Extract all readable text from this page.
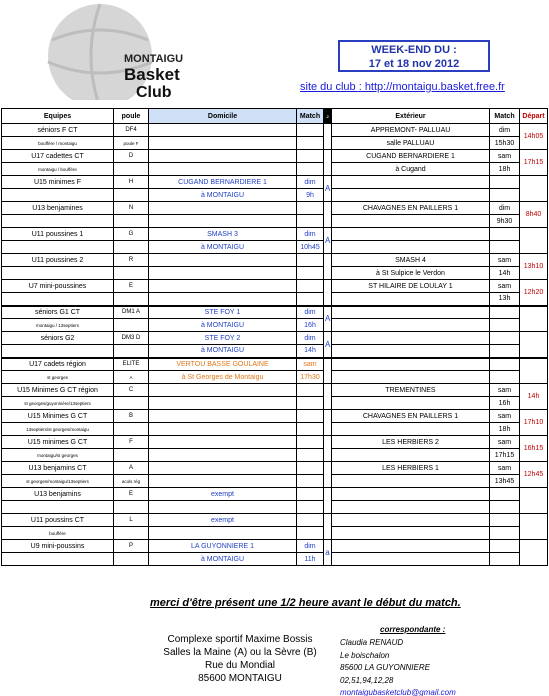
MONTAIGU
Basket
Club
WEEK-END DU :
17 et 18 nov 2012
site du club : http://montaigu.basket.free.fr
Equipes	poule	Domicile	Match	J	Extérieur	Match	Départ
séniors F CT	DF4				APPREMONT- PALLUAU	dim	14h05
bouffére / montaigu	poule F				salle PALLUAU	15h30	
U17 cadettes CT	D				CUGAND BERNARDIERE 1	sam	17h15
montaigu / bouffére					à Cugand	18h	
U15 minimes F	H	CUGAND BERNARDIERE 1	dim	A			
		à MONTAIGU	9h				
U13 benjamines	N				CHAVAGNES EN PAILLERS 1	dim	8h40
						9h30	
U11 poussines 1	G	SMASH 3	dim	A			
		à MONTAIGU	10h45				
U11 poussines 2	R				SMASH 4	sam	13h10
					à St Sulpice le Verdon	14h	
U7 mini-poussines	E				ST HILAIRE DE LOULAY 1	sam	12h20
						13h	
séniors G1 CT	DM1 A	STE FOY 1	dim	A			
montaigu / 13septiers		à MONTAIGU	16h				
séniors G2	DM3 D	STE FOY 2	dim	A			
		à MONTAIGU	14h				
U17 cadets région	ELITE	VERTOU BASSE GOULAINE	sam				
st georges	A	à St Georges de Montaigu	17h30				
U15 Minimes G CT région	C				TREMENTINES	sam	14h
st georges/guyonnière/13septiers						16h	
U15 Minimes G CT	B				CHAVAGNES EN PAILLERS 1	sam	17h10
13septiers/st georges/montaigu						18h	
U15 minimes G CT	F				LES HERBIERS 2	sam	16h15
montaigu/st georges						17h15	
U13 benjamins CT	A				LES HERBIERS 1	sam	12h45
st georges/montaigu/13septiers	acols rég					13h45	
U13 benjamins	E	exempt					

U11 poussins CT	L	exempt					
bouffére							
U9 mini-poussins	P	LA GUYONNIERE 1	dim	a			
		à MONTAIGU	11h				
merci d'être présent une 1/2 heure avant le début du match.
Complexe sportif Maxime Bossis
Salles la Maine (A) ou la Sèvre (B)
Rue du Mondial
85600 MONTAIGU
correspondante :
Claudia RENAUD
Le boischalon
85600 LA GUYONNIERE
02,51,94,12,28
montaigubasketclub@gmail.com
